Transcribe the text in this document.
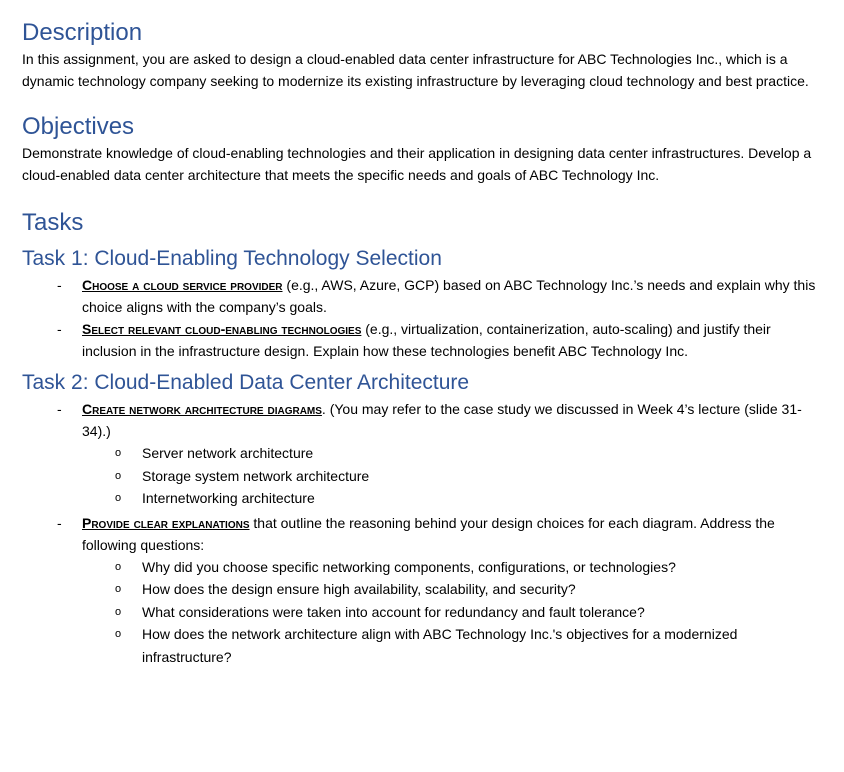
Description

In this assignment, you are asked to design a cloud-enabled data center infrastructure for ABC Technologies Inc., which is a dynamic technology company seeking to modernize its existing infrastructure by leveraging cloud technology and best practice.

Objectives

Demonstrate knowledge of cloud-enabling technologies and their application in designing data center infrastructures. Develop a cloud-enabled data center architecture that meets the specific needs and goals of ABC Technology Inc.

Tasks
Task 1: Cloud-Enabling Technology Selection
- Choose a cloud service provider (e.g., AWS, Azure, GCP) based on ABC Technology Inc.’s needs and explain why this choice aligns with the company’s goals.
- Select relevant cloud-enabling technologies (e.g., virtualization, containerization, auto-scaling) and justify their inclusion in the infrastructure design. Explain how these technologies benefit ABC Technology Inc.
Task 2: Cloud-Enabled Data Center Architecture
- Create network architecture diagrams. (You may refer to the case study we discussed in Week 4’s lecture (slide 31-34).)
o Server network architecture
o Storage system network architecture
o Internetworking architecture
- Provide clear explanations that outline the reasoning behind your design choices for each diagram. Address the following questions:
o Why did you choose specific networking components, configurations, or technologies?
o How does the design ensure high availability, scalability, and security?
o What considerations were taken into account for redundancy and fault tolerance?
o How does the network architecture align with ABC Technology Inc.'s objectives for a modernized infrastructure?
